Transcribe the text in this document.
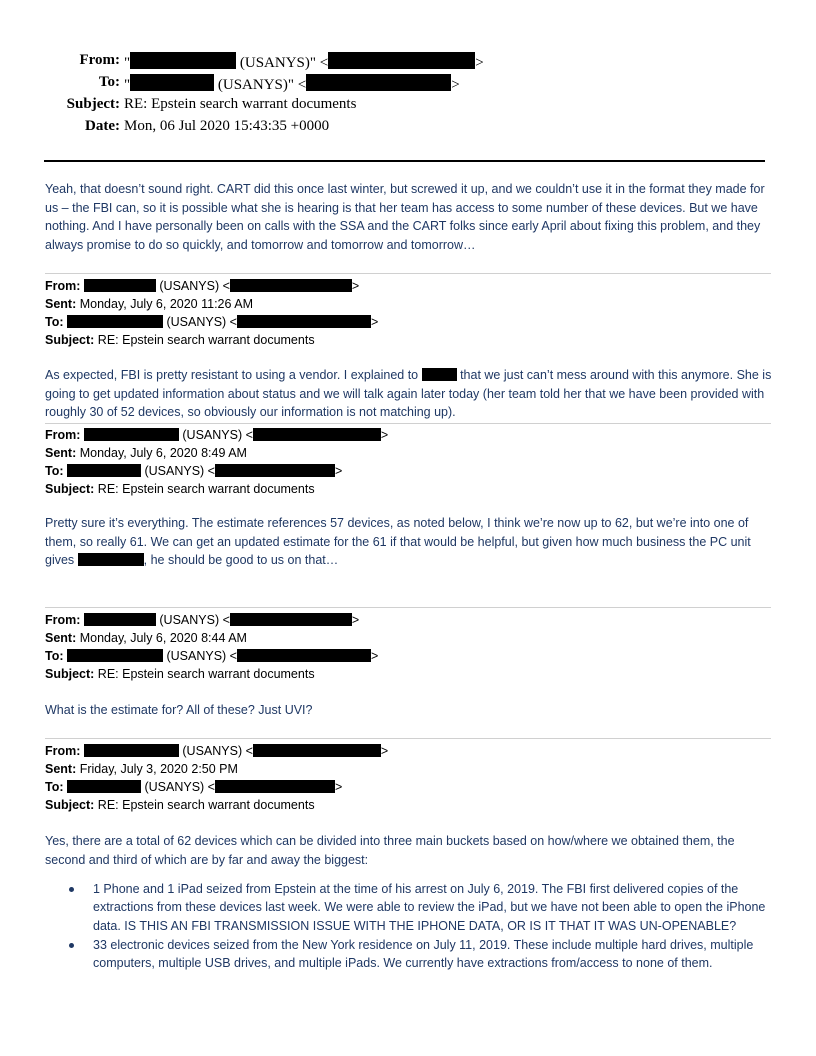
From: "	(USANYS)" <	>
To: "	(USANYS)" <	>
Subject: RE: Epstein search warrant documents
Date: Mon, 06 Jul 2020 15:43:35 +0000

Yeah, that doesn’t sound right. CART did this once last winter, but screwed it up, and we couldn’t use it in the format they made for us – the FBI can, so it is possible what she is hearing is that her team has access to some number of these devices. But we have nothing. And I have personally been on calls with the SSA and the CART folks since early April about fixing this problem, and they always promise to do so quickly, and tomorrow and tomorrow and tomorrow…

From:	(USANYS) <	>
Sent: Monday, July 6, 2020 11:26 AM
To:	(USANYS) <	>
Subject: RE: Epstein search warrant documents

As expected, FBI is pretty resistant to using a vendor. I explained to	that we just can’t mess around with this anymore. She is going to get updated information about status and we will talk again later today (her team told her that we have been provided with roughly 30 of 52 devices, so obviously our information is not matching up).

From:	(USANYS) <	>
Sent: Monday, July 6, 2020 8:49 AM
To:	(USANYS) <	>
Subject: RE: Epstein search warrant documents

Pretty sure it’s everything. The estimate references 57 devices, as noted below, I think we’re now up to 62, but we’re into one of them, so really 61. We can get an updated estimate for the 61 if that would be helpful, but given how much business the PC unit gives	, he should be good to us on that…

From:	(USANYS) <	>
Sent: Monday, July 6, 2020 8:44 AM
To:	(USANYS) <	>
Subject: RE: Epstein search warrant documents

What is the estimate for? All of these? Just UVI?

From:	(USANYS) <	>
Sent: Friday, July 3, 2020 2:50 PM
To:	(USANYS) <	>
Subject: RE: Epstein search warrant documents

Yes, there are a total of 62 devices which can be divided into three main buckets based on how/where we obtained them, the second and third of which are by far and away the biggest:

1 Phone and 1 iPad seized from Epstein at the time of his arrest on July 6, 2019. The FBI first delivered copies of the extractions from these devices last week. We were able to review the iPad, but we have not been able to open the iPhone data. IS THIS AN FBI TRANSMISSION ISSUE WITH THE IPHONE DATA, OR IS IT THAT IT WAS UN-OPENABLE?
33 electronic devices seized from the New York residence on July 11, 2019. These include multiple hard drives, multiple computers, multiple USB drives, and multiple iPads. We currently have extractions from/access to none of them.
